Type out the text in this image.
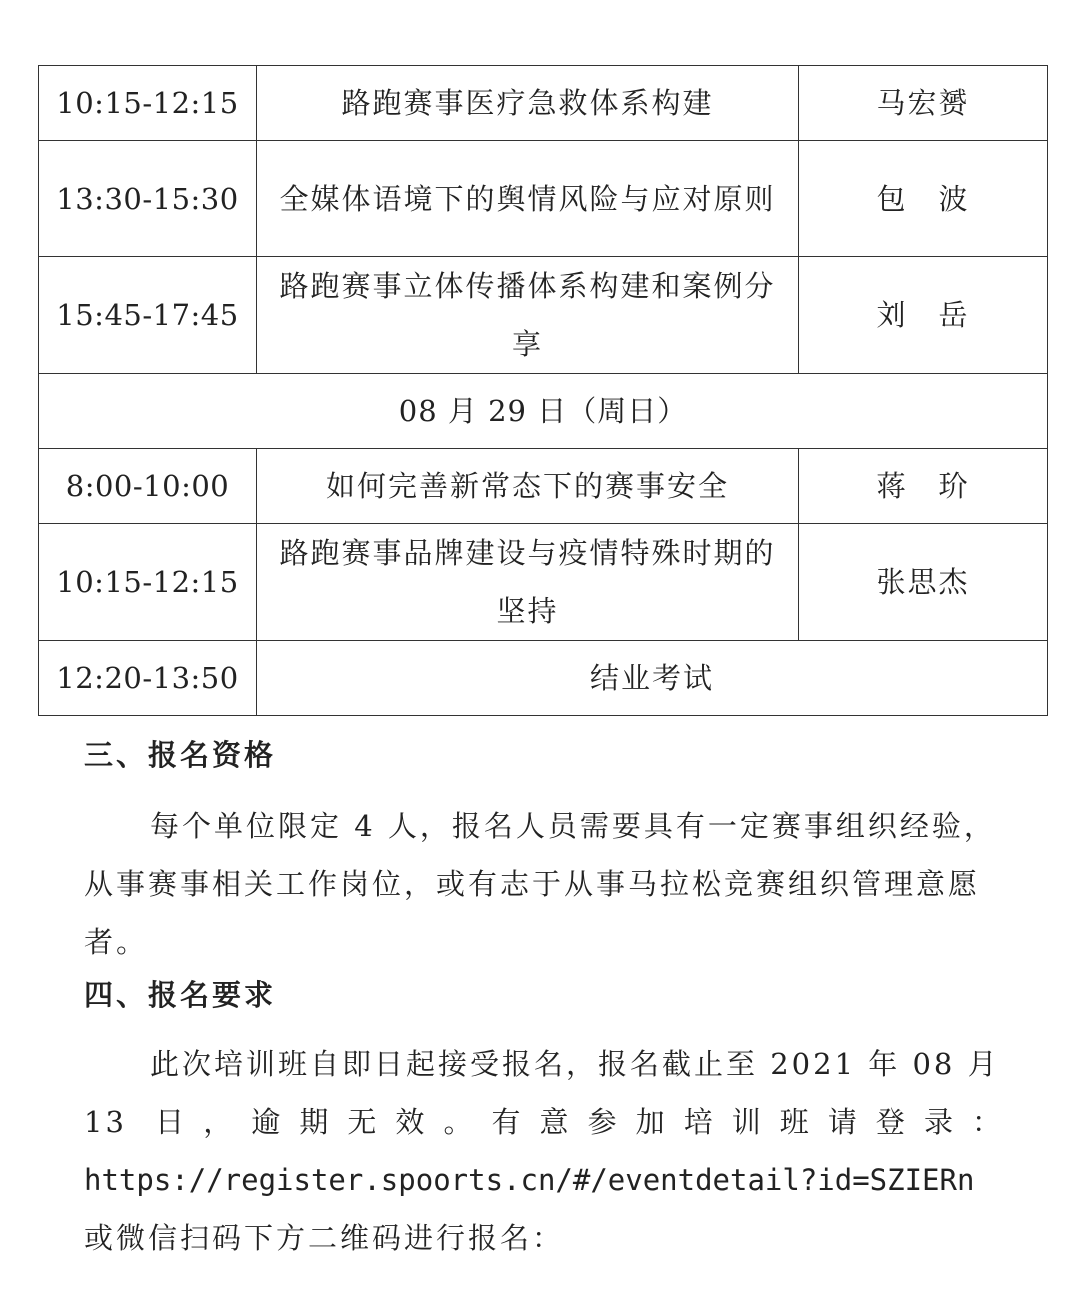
10:15-12:15	路跑赛事医疗急救体系构建	马宏赟
13:30-15:30	全媒体语境下的舆情风险与应对原则	包　波
15:45-17:45	路跑赛事立体传播体系构建和案例分享	刘　岳
08 月 29 日（周日）		
8:00-10:00	如何完善新常态下的赛事安全	蒋　玠
10:15-12:15	路跑赛事品牌建设与疫情特殊时期的坚持	张思杰
12:20-13:50	结业考试	
三、报名资格
每个单位限定 4 人，报名人员需要具有一定赛事组织经验，从事赛事相关工作岗位，或有志于从事马拉松竞赛组织管理意愿者。
四、报名要求
此次培训班自即日起接受报名，报名截止至 2021 年 08 月
13 日，逾期无效。有意参加培训班请登录：
https://register.spoorts.cn/#/eventdetail?id=SZIERn
或微信扫码下方二维码进行报名：
